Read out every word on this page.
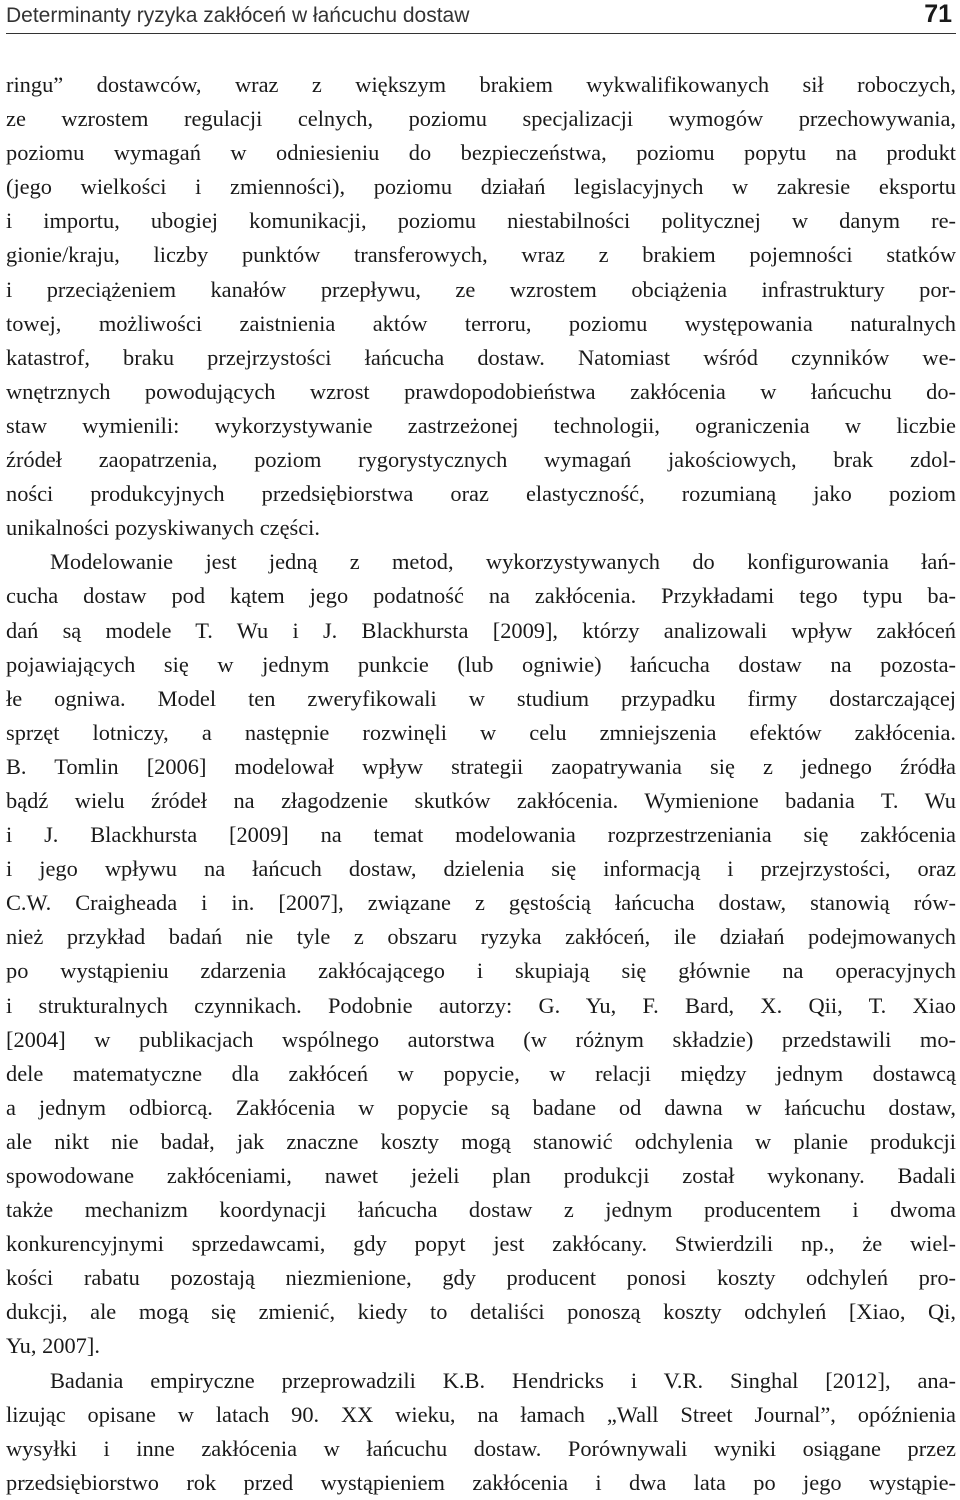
Determinanty ryzyka zakłóceń w łańcuchu dostaw	71
ringu” dostawców, wraz z większym brakiem wykwalifikowanych sił roboczych,
ze wzrostem regulacji celnych, poziomu specjalizacji wymogów przechowywania,
poziomu wymagań w odniesieniu do bezpieczeństwa, poziomu popytu na produkt
(jego wielkości i zmienności), poziomu działań legislacyjnych w zakresie eksportu
i importu, ubogiej komunikacji, poziomu niestabilności politycznej w danym re-
gionie/kraju, liczby punktów transferowych, wraz z brakiem pojemności statków
i przeciążeniem kanałów przepływu, ze wzrostem obciążenia infrastruktury por-
towej, możliwości zaistnienia aktów terroru, poziomu występowania naturalnych
katastrof, braku przejrzystości łańcucha dostaw. Natomiast wśród czynników we-
wnętrznych powodujących wzrost prawdopodobieństwa zakłócenia w łańcuchu do-
staw wymienili: wykorzystywanie zastrzeżonej technologii, ograniczenia w liczbie
źródeł zaopatrzenia, poziom rygorystycznych wymagań jakościowych, brak zdol-
ności produkcyjnych przedsiębiorstwa oraz elastyczność, rozumianą jako poziom
unikalności pozyskiwanych części.
Modelowanie jest jedną z metod, wykorzystywanych do konfigurowania łań-
cucha dostaw pod kątem jego podatność na zakłócenia. Przykładami tego typu ba-
dań są modele T. Wu i J. Blackhursta [2009], którzy analizowali wpływ zakłóceń
pojawiających się w jednym punkcie (lub ogniwie) łańcucha dostaw na pozosta-
łe ogniwa. Model ten zweryfikowali w studium przypadku firmy dostarczającej
sprzęt lotniczy, a następnie rozwinęli w celu zmniejszenia efektów zakłócenia.
B. Tomlin [2006] modelował wpływ strategii zaopatrywania się z jednego źródła
bądź wielu źródeł na złagodzenie skutków zakłócenia. Wymienione badania T. Wu
i J. Blackhursta [2009] na temat modelowania rozprzestrzeniania się zakłócenia
i jego wpływu na łańcuch dostaw, dzielenia się informacją i przejrzystości, oraz
C.W. Craigheada i in. [2007], związane z gęstością łańcucha dostaw, stanowią rów-
nież przykład badań nie tyle z obszaru ryzyka zakłóceń, ile działań podejmowanych
po wystąpieniu zdarzenia zakłócającego i skupiają się głównie na operacyjnych
i strukturalnych czynnikach. Podobnie autorzy: G. Yu, F. Bard, X. Qii, T. Xiao
[2004] w publikacjach wspólnego autorstwa (w różnym składzie) przedstawili mo-
dele matematyczne dla zakłóceń w popycie, w relacji między jednym dostawcą
a jednym odbiorcą. Zakłócenia w popycie są badane od dawna w łańcuchu dostaw,
ale nikt nie badał, jak znaczne koszty mogą stanowić odchylenia w planie produkcji
spowodowane zakłóceniami, nawet jeżeli plan produkcji został wykonany. Badali
także mechanizm koordynacji łańcucha dostaw z jednym producentem i dwoma
konkurencyjnymi sprzedawcami, gdy popyt jest zakłócany. Stwierdzili np., że wiel-
kości rabatu pozostają niezmienione, gdy producent ponosi koszty odchyleń pro-
dukcji, ale mogą się zmienić, kiedy to detaliści ponoszą koszty odchyleń [Xiao, Qi,
Yu, 2007].
Badania empiryczne przeprowadzili K.B. Hendricks i V.R. Singhal [2012], ana-
lizując opisane w latach 90. XX wieku, na łamach „Wall Street Journal”, opóźnienia
wysyłki i inne zakłócenia w łańcuchu dostaw. Porównywali wyniki osiągane przez
przedsiębiorstwo rok przed wystąpieniem zakłócenia i dwa lata po jego wystąpie-
